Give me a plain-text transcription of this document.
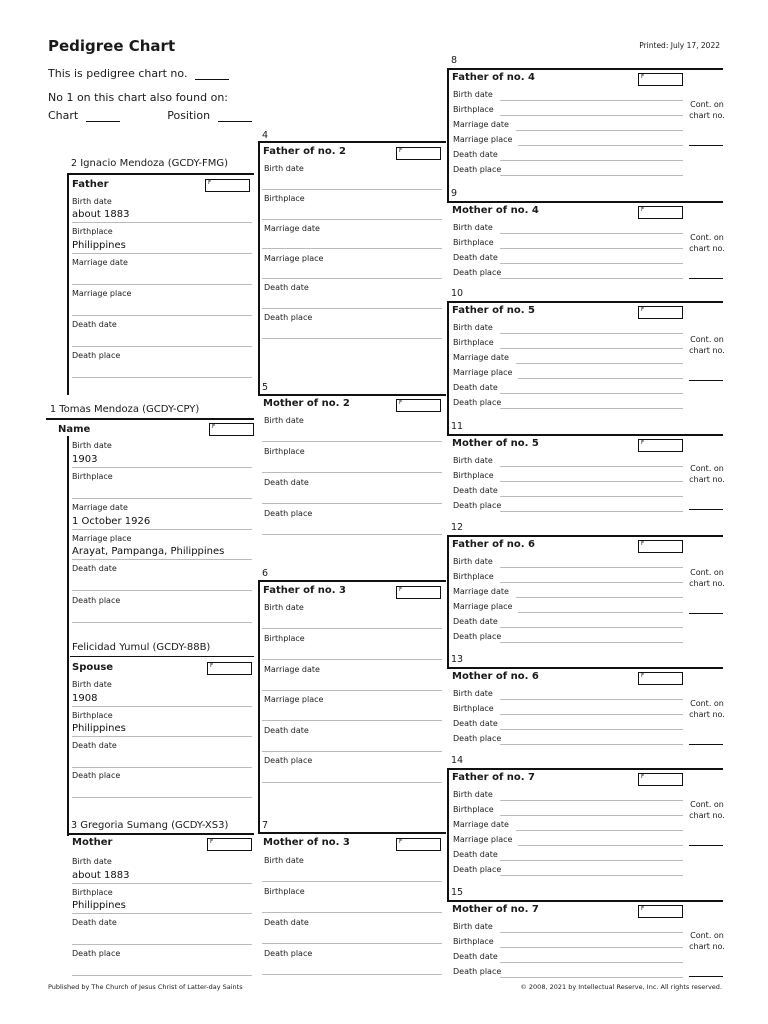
Pedigree Chart	Printed: July 17, 2022
This is pedigree chart no.
No 1 on this chart also found on:
Chart	Position
2 Ignacio Mendoza (GCDY-FMG)
Father	F
Birth date
about 1883
Birthplace
Philippines
Marriage date
Marriage place
Death date
Death place
1 Tomas Mendoza (GCDY-CPY)
Name	F
Birth date
1903
Birthplace
Marriage date
1 October 1926
Marriage place
Arayat, Pampanga, Philippines
Death date
Death place
Felicidad Yumul (GCDY-88B)
Spouse	F
Birth date
1908
Birthplace
Philippines
Death date
Death place
3 Gregoria Sumang (GCDY-XS3)
Mother	F
Birth date
about 1883
Birthplace
Philippines
Death date
Death place
4
Father of no. 2	F
Birth date
Birthplace
Marriage date
Marriage place
Death date
Death place
5
Mother of no. 2	F
Birth date
Birthplace
Death date
Death place
6
Father of no. 3	F
Birth date
Birthplace
Marriage date
Marriage place
Death date
Death place
7
Mother of no. 3	F
Birth date
Birthplace
Death date
Death place
8
Father of no. 4	F
Birth date
Birthplace
Marriage date
Marriage place
Death date
Death place
Cont. on chart no.
9
Mother of no. 4	F
Birth date
Birthplace
Death date
Death place
Cont. on chart no.
10
Father of no. 5	F
Birth date
Birthplace
Marriage date
Marriage place
Death date
Death place
Cont. on chart no.
11
Mother of no. 5	F
Birth date
Birthplace
Death date
Death place
Cont. on chart no.
12
Father of no. 6	F
Birth date
Birthplace
Marriage date
Marriage place
Death date
Death place
Cont. on chart no.
13
Mother of no. 6	F
Birth date
Birthplace
Death date
Death place
Cont. on chart no.
14
Father of no. 7	F
Birth date
Birthplace
Marriage date
Marriage place
Death date
Death place
Cont. on chart no.
15
Mother of no. 7	F
Birth date
Birthplace
Death date
Death place
Cont. on chart no.
Published by The Church of Jesus Christ of Latter-day Saints	© 2008, 2021 by Intellectual Reserve, Inc. All rights reserved.
